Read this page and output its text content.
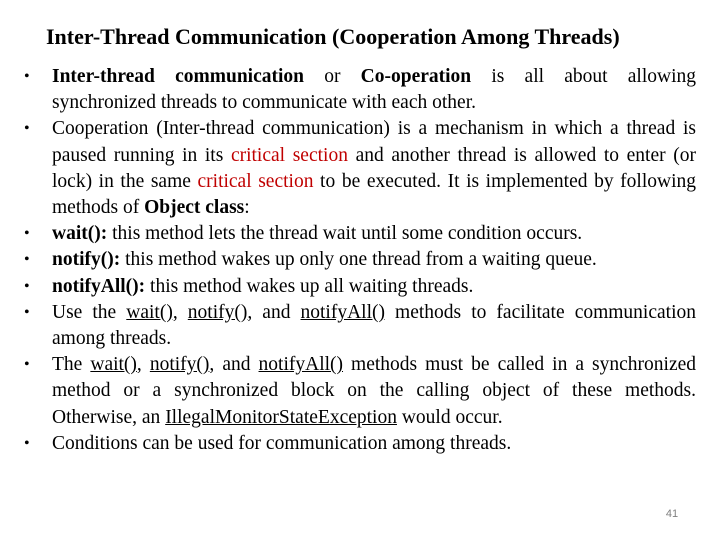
Inter-Thread Communication (Cooperation Among Threads)
•	Inter-thread communication or Co-operation is all about allowing synchronized threads to communicate with each other.
•	Cooperation (Inter-thread communication) is a mechanism in which a thread is paused running in its critical section and another thread is allowed to enter (or lock) in the same critical section to be executed. It is implemented by following methods of Object class:
•	wait(): this method lets the thread wait until some condition occurs.
•	notify(): this method wakes up only one thread from a waiting queue.
•	notifyAll(): this method wakes up all waiting threads.
•	Use the wait(), notify(), and notifyAll() methods to facilitate communication among threads.
•	The wait(), notify(), and notifyAll() methods must be called in a synchronized method or a synchronized block on the calling object of these methods. Otherwise, an IllegalMonitorStateException would occur.
•	Conditions can be used for communication among threads.
41
